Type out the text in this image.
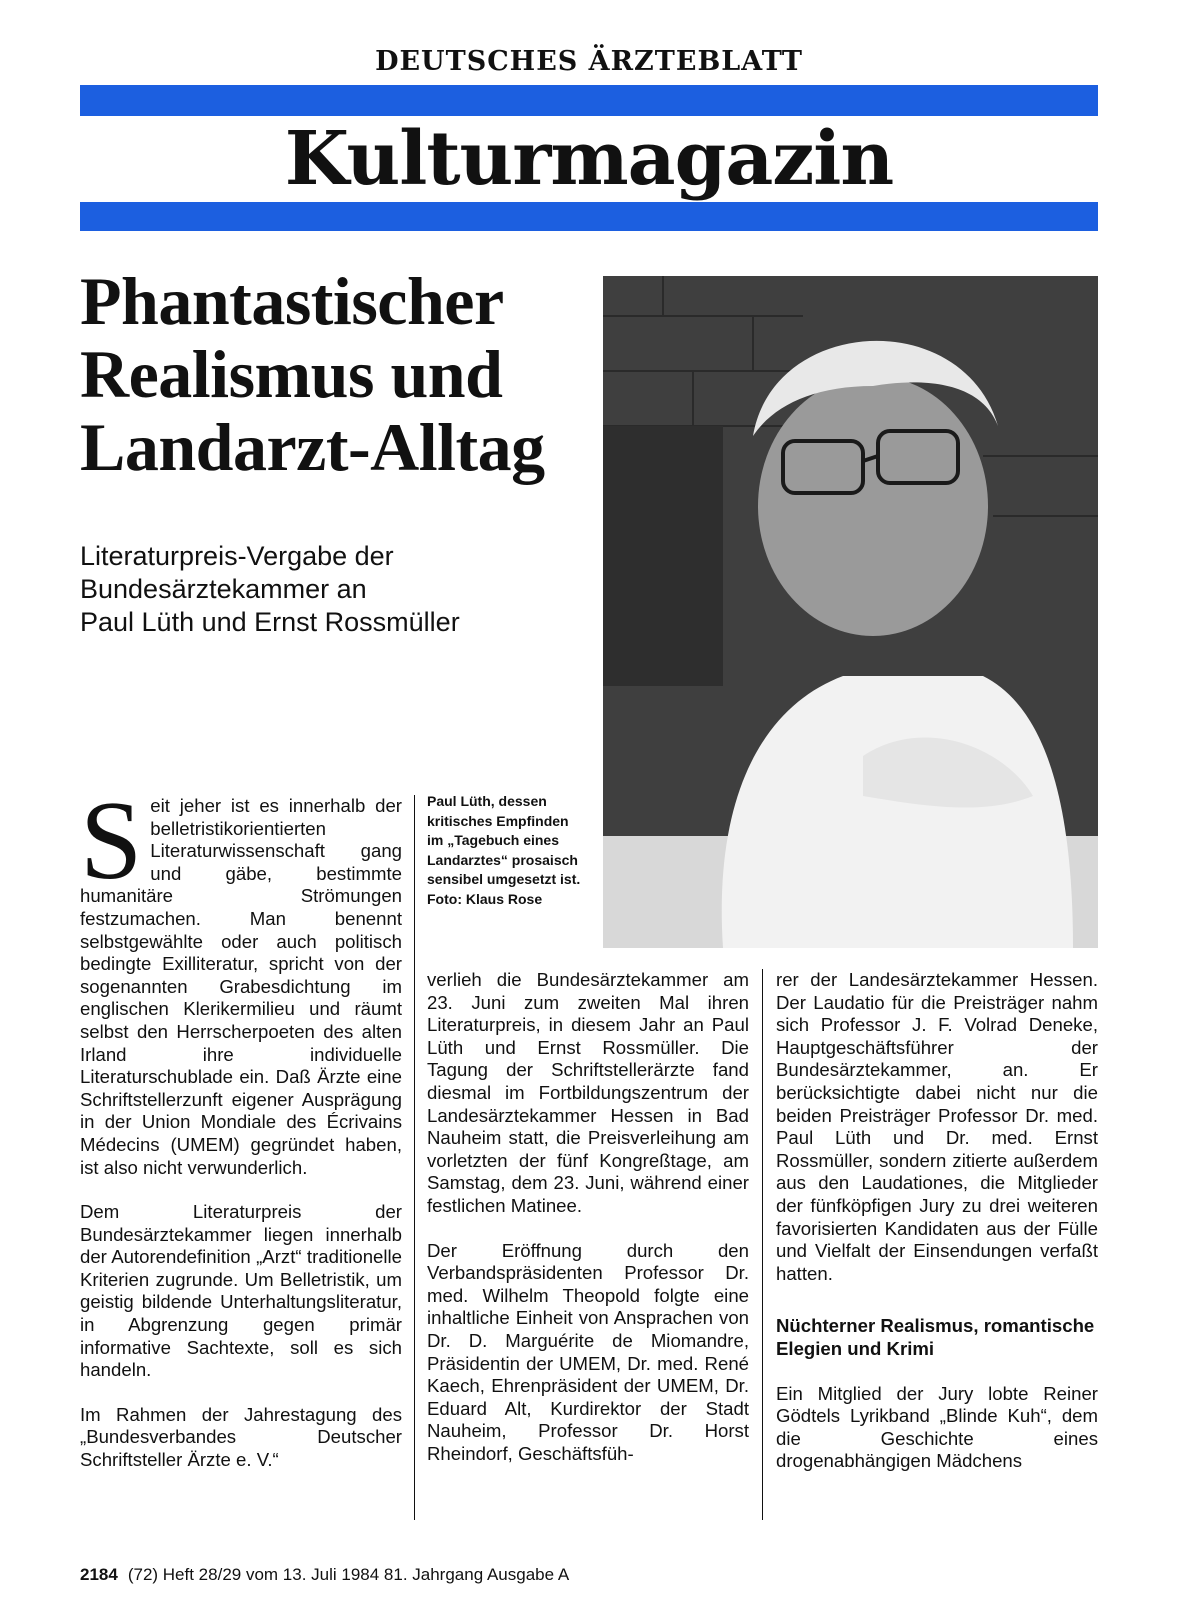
DEUTSCHES ÄRZTEBLATT
Kulturmagazin
Phantastischer
Realismus und
Landarzt-Alltag
Literaturpreis-Vergabe der
Bundesärztekammer an
Paul Lüth und Ernst Rossmüller
Paul Lüth, dessen kritisches Empfinden im „Tagebuch eines Landarztes“ prosaisch sensibel umgesetzt ist. Foto: Klaus Rose

Seit jeher ist es innerhalb der belletristikorientierten Literaturwissenschaft gang und gäbe, bestimmte humanitäre Strömungen festzumachen. Man benennt selbstgewählte oder auch politisch bedingte Exilliteratur, spricht von der sogenannten Grabesdichtung im englischen Klerikermilieu und räumt selbst den Herrscherpoeten des alten Irland ihre individuelle Literaturschublade ein. Daß Ärzte eine Schriftstellerzunft eigener Ausprägung in der Union Mondiale des Écrivains Médecins (UMEM) gegründet haben, ist also nicht verwunderlich.

Dem Literaturpreis der Bundesärztekammer liegen innerhalb der Autorendefinition „Arzt“ traditionelle Kriterien zugrunde. Um Belletristik, um geistig bildende Unterhaltungsliteratur, in Abgrenzung gegen primär informative Sachtexte, soll es sich handeln.

Im Rahmen der Jahrestagung des „Bundesverbandes Deutscher Schriftsteller Ärzte e. V.“

verlieh die Bundesärztekammer am 23. Juni zum zweiten Mal ihren Literaturpreis, in diesem Jahr an Paul Lüth und Ernst Rossmüller. Die Tagung der Schriftstellerärzte fand diesmal im Fortbildungszentrum der Landesärztekammer Hessen in Bad Nauheim statt, die Preisverleihung am vorletzten der fünf Kongreßtage, am Samstag, dem 23. Juni, während einer festlichen Matinee.

Der Eröffnung durch den Verbandspräsidenten Professor Dr. med. Wilhelm Theopold folgte eine inhaltliche Einheit von Ansprachen von Dr. D. Marguérite de Miomandre, Präsidentin der UMEM, Dr. med. René Kaech, Ehrenpräsident der UMEM, Dr. Eduard Alt, Kurdirektor der Stadt Nauheim, Professor Dr. Horst Rheindorf, Geschäftsfüh-

rer der Landesärztekammer Hessen. Der Laudatio für die Preisträger nahm sich Professor J. F. Volrad Deneke, Hauptgeschäftsführer der Bundesärztekammer, an. Er berücksichtigte dabei nicht nur die beiden Preisträger Professor Dr. med. Paul Lüth und Dr. med. Ernst Rossmüller, sondern zitierte außerdem aus den Laudationes, die Mitglieder der fünfköpfigen Jury zu drei weiteren favorisierten Kandidaten aus der Fülle und Vielfalt der Einsendungen verfaßt hatten.

Nüchterner Realismus, romantische Elegien und Krimi

Ein Mitglied der Jury lobte Reiner Gödtels Lyrikband „Blinde Kuh“, dem die Geschichte eines drogenabhängigen Mädchens

2184 (72) Heft 28/29 vom 13. Juli 1984 81. Jahrgang Ausgabe A
